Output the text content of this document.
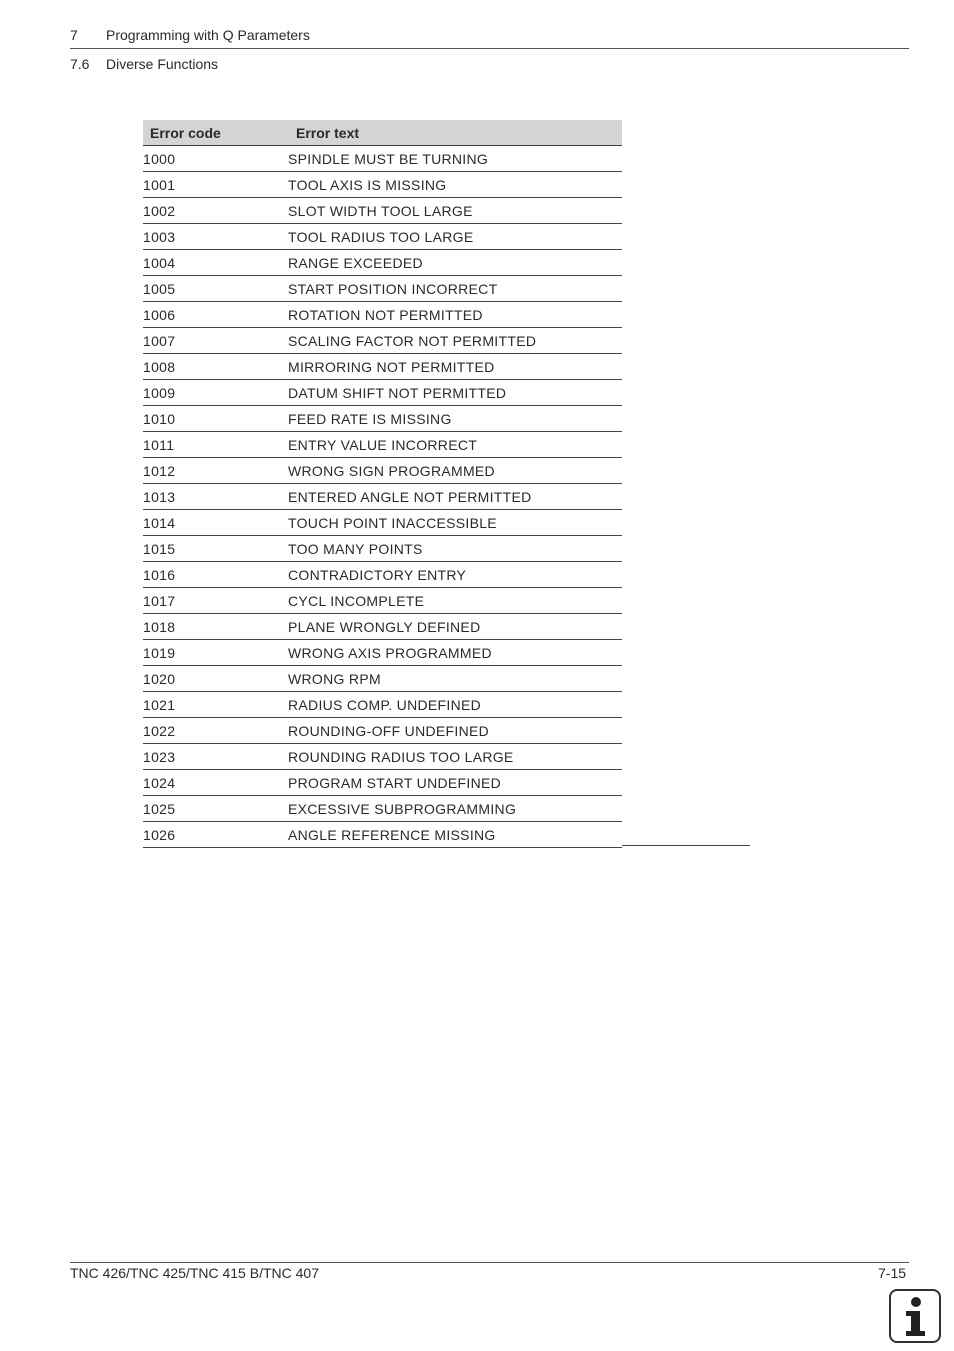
7 Programming with Q Parameters
7.6 Diverse Functions
Error code	Error text
1000	SPINDLE MUST BE TURNING
1001	TOOL AXIS IS MISSING
1002	SLOT WIDTH TOOL LARGE
1003	TOOL RADIUS TOO LARGE
1004	RANGE EXCEEDED
1005	START POSITION INCORRECT
1006	ROTATION NOT PERMITTED
1007	SCALING FACTOR NOT PERMITTED
1008	MIRRORING NOT PERMITTED
1009	DATUM SHIFT NOT PERMITTED
1010	FEED RATE IS MISSING
1011	ENTRY VALUE INCORRECT
1012	WRONG SIGN PROGRAMMED
1013	ENTERED ANGLE NOT PERMITTED
1014	TOUCH POINT INACCESSIBLE
1015	TOO MANY POINTS
1016	CONTRADICTORY ENTRY
1017	CYCL INCOMPLETE
1018	PLANE WRONGLY DEFINED
1019	WRONG AXIS PROGRAMMED
1020	WRONG RPM
1021	RADIUS COMP. UNDEFINED
1022	ROUNDING-OFF UNDEFINED
1023	ROUNDING RADIUS TOO LARGE
1024	PROGRAM START UNDEFINED
1025	EXCESSIVE SUBPROGRAMMING
1026	ANGLE REFERENCE MISSING
TNC 426/TNC 425/TNC 415 B/TNC 407	7-15
